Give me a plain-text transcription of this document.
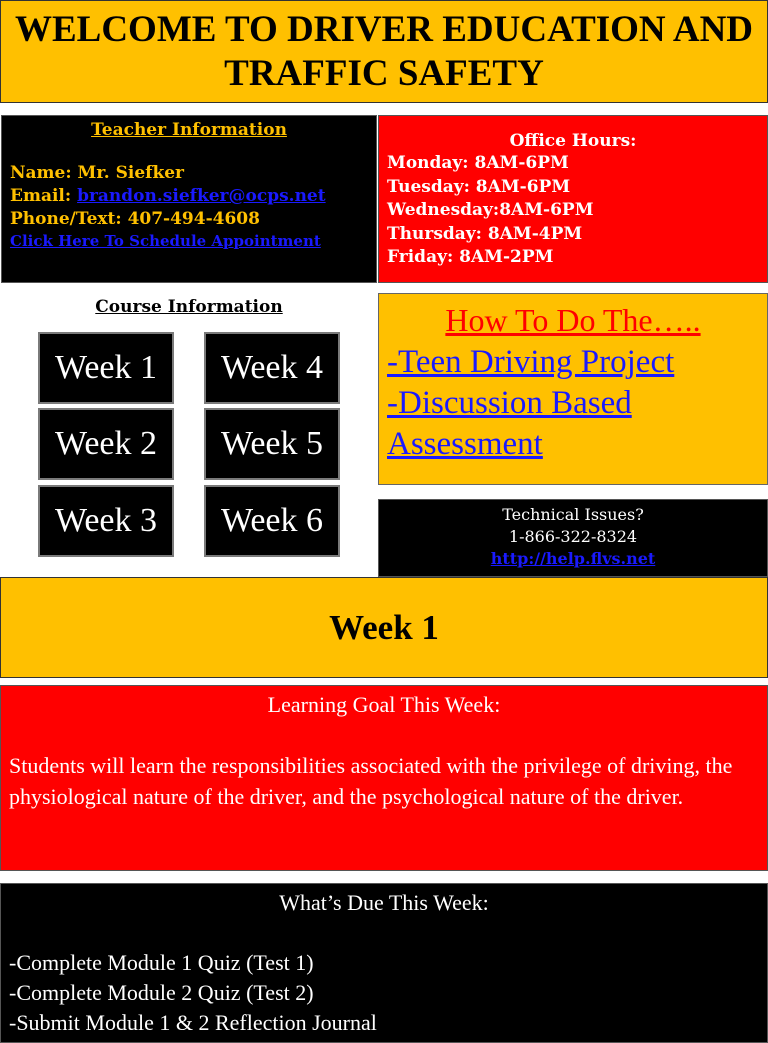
WELCOME TO DRIVER EDUCATION AND TRAFFIC SAFETY
Teacher Information
Name: Mr. Siefker
Email: brandon.siefker@ocps.net
Phone/Text: 407-494-4608
Click Here To Schedule Appointment
Office Hours:
Monday: 8AM-6PM
Tuesday: 8AM-6PM
Wednesday:8AM-6PM
Thursday: 8AM-4PM
Friday: 8AM-2PM
Course Information
Week 1
Week 2
Week 3
Week 4
Week 5
Week 6
How To Do The…..
-Teen Driving Project
-Discussion Based Assessment
Technical Issues?
1-866-322-8324
http://help.flvs.net
Week 1
Learning Goal This Week:
Students will learn the responsibilities associated with the privilege of driving, the physiological nature of the driver, and the psychological nature of the driver.
What’s Due This Week:
-Complete Module 1 Quiz (Test 1)
-Complete Module 2 Quiz (Test 2)
-Submit Module 1 & 2 Reflection Journal
